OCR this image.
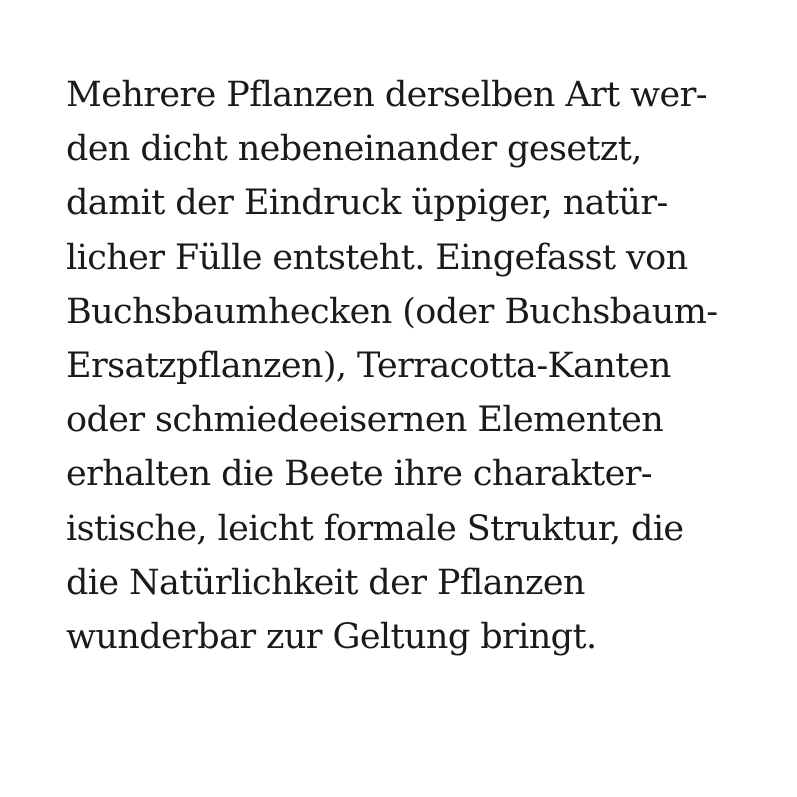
Mehrere Pflanzen derselben Art wer-
den dicht nebeneinander gesetzt,
damit der Eindruck üppiger, natür-
licher Fülle entsteht. Eingefasst von
Buchsbaumhecken (oder Buchsbaum-
Ersatzpflanzen), Terracotta-Kanten
oder schmiedeeisernen Elementen
erhalten die Beete ihre charakter-
istische, leicht formale Struktur, die
die Natürlichkeit der Pflanzen
wunderbar zur Geltung bringt.
